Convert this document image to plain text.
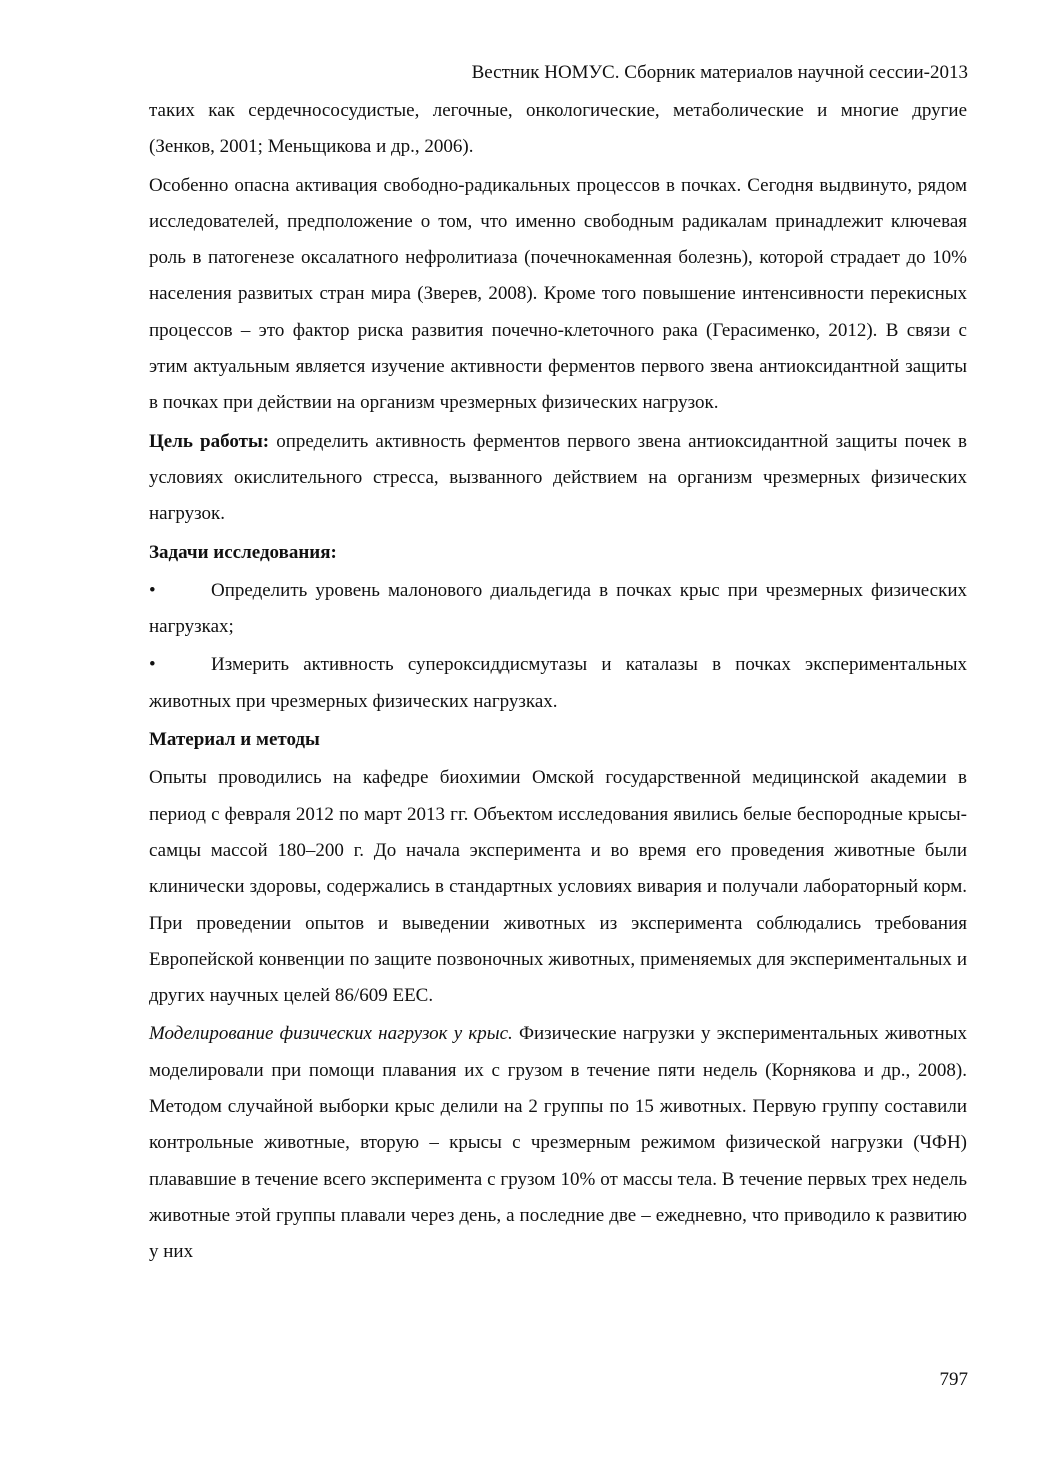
Вестник НОМУС. Сборник материалов научной сессии-2013

таких как сердечнососудистые, легочные, онкологические, метаболические и многие другие (Зенков, 2001; Меньщикова и др., 2006).

Особенно опасна активация свободно-радикальных процессов в почках. Сегодня выдвинуто, рядом исследователей, предположение о том, что именно свободным радикалам принадлежит ключевая роль в патогенезе оксалатного нефролитиаза (почечнокаменная болезнь), которой страдает до 10% населения развитых стран мира (Зверев, 2008). Кроме того повышение интенсивности перекисных процессов – это фактор риска развития почечно-клеточного рака (Герасименко, 2012). В связи с этим актуальным является изучение активности ферментов первого звена антиоксидантной защиты в почках при действии на организм чрезмерных физических нагрузок.

Цель работы: определить активность ферментов первого звена антиоксидантной защиты почек в условиях окислительного стресса, вызванного действием на организм чрезмерных физических нагрузок.

Задачи исследования:

•	Определить уровень малонового диальдегида в почках крыс при чрезмерных физических нагрузках;

•	Измерить активность супероксиддисмутазы и каталазы в почках экспериментальных животных при чрезмерных физических нагрузках.

Материал и методы

Опыты проводились на кафедре биохимии Омской государственной медицинской академии в период с февраля 2012 по март 2013 гг. Объектом исследования явились белые беспородные крысы-самцы массой 180–200 г. До начала эксперимента и во время его проведения животные были клинически здоровы, содержались в стандартных условиях вивария и получали лабораторный корм. При проведении опытов и выведении животных из эксперимента соблюдались требования Европейской конвенции по защите позвоночных животных, применяемых для экспериментальных и других научных целей 86/609 ЕЕС.

Моделирование физических нагрузок у крыс. Физические нагрузки у экспериментальных животных моделировали при помощи плавания их с грузом в течение пяти недель (Корнякова и др., 2008). Методом случайной выборки крыс делили на 2 группы по 15 животных. Первую группу составили контрольные животные, вторую – крысы с чрезмерным режимом физической нагрузки (ЧФН) плававшие в течение всего эксперимента с грузом 10% от массы тела. В течение первых трех недель животные этой группы плавали через день, а последние две – ежедневно, что приводило к развитию у них

797
